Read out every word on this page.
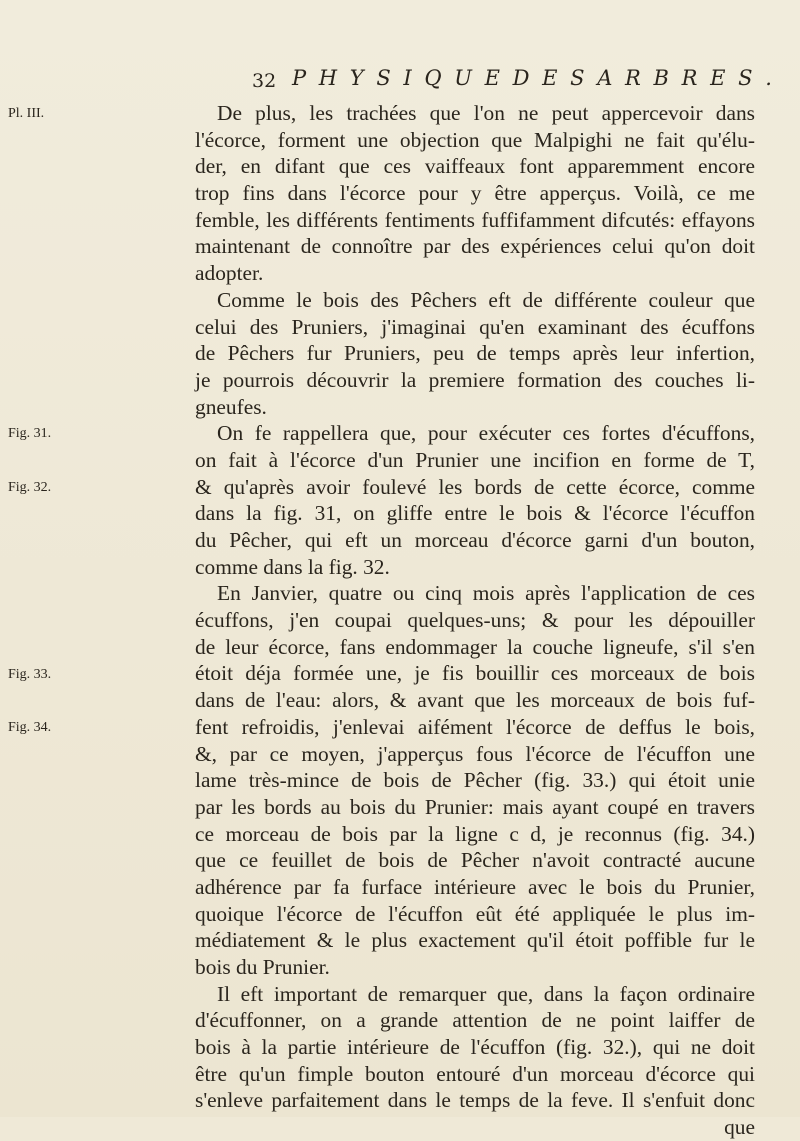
32 P H Y S I Q U E D E S A R B R E S .
Pl. III.
Fig. 31.
Fig. 32.
Fig. 33.
Fig. 34.
De plus, les trachées que l'on ne peut appercevoir dans
l'écorce, forment une objection que Malpighi ne fait qu'élu-
der, en difant que ces vaiffeaux font apparemment encore
trop fins dans l'écorce pour y être apperçus. Voilà, ce me
femble, les différents fentiments fuffifamment difcutés: effayons
maintenant de connoître par des expériences celui qu'on doit
adopter.
Comme le bois des Pêchers eft de différente couleur que
celui des Pruniers, j'imaginai qu'en examinant des écuffons
de Pêchers fur Pruniers, peu de temps après leur infertion,
je pourrois découvrir la premiere formation des couches li-
gneufes.
On fe rappellera que, pour exécuter ces fortes d'écuffons,
on fait à l'écorce d'un Prunier une incifion en forme de T,
& qu'après avoir foulevé les bords de cette écorce, comme
dans la fig. 31, on gliffe entre le bois & l'écorce l'écuffon
du Pêcher, qui eft un morceau d'écorce garni d'un bouton,
comme dans la fig. 32.
En Janvier, quatre ou cinq mois après l'application de ces
écuffons, j'en coupai quelques-uns; & pour les dépouiller
de leur écorce, fans endommager la couche ligneufe, s'il s'en
étoit déja formée une, je fis bouillir ces morceaux de bois
dans de l'eau: alors, & avant que les morceaux de bois fuf-
fent refroidis, j'enlevai aifément l'écorce de deffus le bois,
&, par ce moyen, j'apperçus fous l'écorce de l'écuffon une
lame très-mince de bois de Pêcher (fig. 33.) qui étoit unie
par les bords au bois du Prunier: mais ayant coupé en travers
ce morceau de bois par la ligne c d, je reconnus (fig. 34.)
que ce feuillet de bois de Pêcher n'avoit contracté aucune
adhérence par fa furface intérieure avec le bois du Prunier,
quoique l'écorce de l'écuffon eût été appliquée le plus im-
médiatement & le plus exactement qu'il étoit poffible fur le
bois du Prunier.
Il eft important de remarquer que, dans la façon ordinaire
d'écuffonner, on a grande attention de ne point laiffer de
bois à la partie intérieure de l'écuffon (fig. 32.), qui ne doit
être qu'un fimple bouton entouré d'un morceau d'écorce qui
s'enleve parfaitement dans le temps de la feve. Il s'enfuit donc
que
